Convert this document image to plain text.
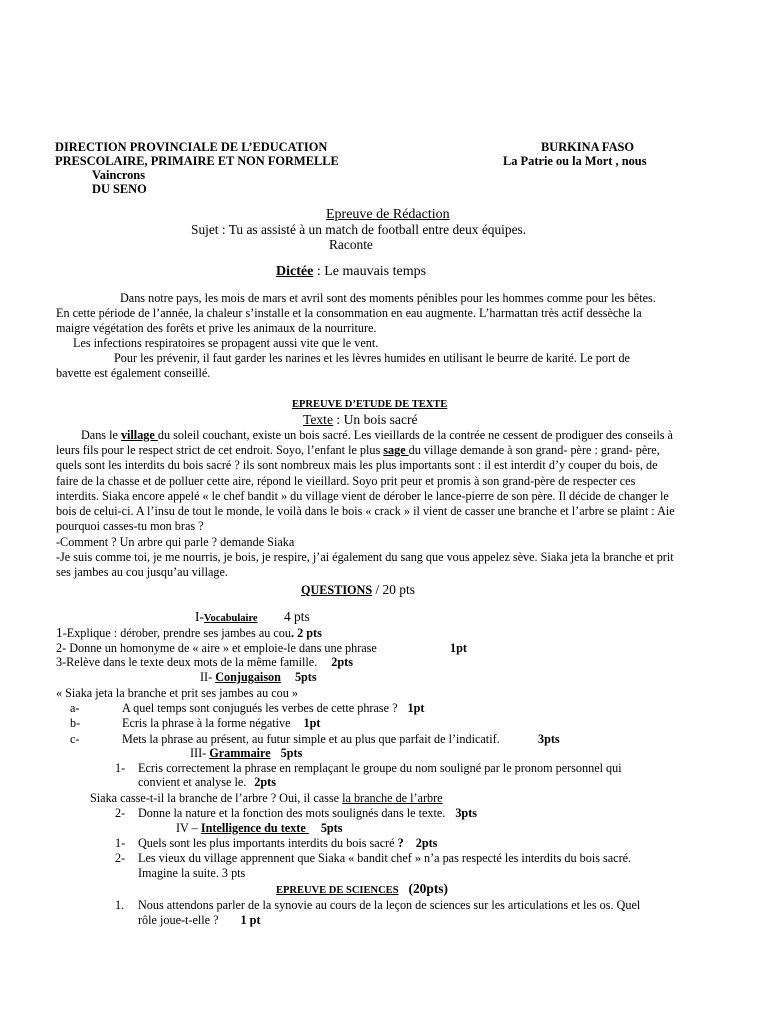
DIRECTION PROVINCIALE DE L’EDUCATION	BURKINA FASO
PRESCOLAIRE, PRIMAIRE ET NON FORMELLE	La Patrie ou la Mort , nous
Vaincrons
DU SENO
Epreuve de Rédaction
Sujet : Tu as assisté à un match de football entre deux équipes.
Raconte
Dictée : Le mauvais temps
Dans notre pays, les mois de mars et avril sont des moments pénibles pour les hommes comme pour les bêtes. En cette période de l’année, la chaleur s’installe et la consommation en eau augmente. L’harmattan très actif dessèche la maigre végétation des forêts et prive les animaux de la nourriture.
Les infections respiratoires se propagent aussi vite que le vent.
Pour les prévenir, il faut garder les narines et les lèvres humides en utilisant le beurre de karité. Le port de bavette est également conseillé.
EPREUVE D’ETUDE DE TEXTE
Texte : Un bois sacré
Dans le village du soleil couchant, existe un bois sacré. Les vieillards de la contrée ne cessent de prodiguer des conseils à leurs fils pour le respect strict de cet endroit. Soyo, l’enfant le plus sage du village demande à son grand- père : grand- père, quels sont les interdits du bois sacré ? ils sont nombreux mais les plus importants sont : il est interdit d’y couper du bois, de faire de la chasse et de polluer cette aire, répond le vieillard. Soyo prit peur et promis à son grand-père de respecter ces interdits. Siaka encore appelé « le chef bandit » du village vient de dérober le lance-pierre de son père. Il décide de changer le bois de celui-ci. A l’insu de tout le monde, le voilà dans le bois « crack » il vient de casser une branche et l’arbre se plaint : Aie pourquoi casses-tu mon bras ?
-Comment ? Un arbre qui parle ? demande Siaka
-Je suis comme toi, je me nourris, je bois, je respire, j’ai également du sang que vous appelez sève. Siaka jeta la branche et prit ses jambes au cou jusqu’au village.
QUESTIONS / 20 pts
I-Vocabulaire 4 pts
1-Explique : dérober, prendre ses jambes au cou. 2 pts
2- Donne un homonyme de « aire » et emploie-le dans une phrase	1pt
3-Relève dans le texte deux mots de la même famille. 2pts
II- Conjugaison 5pts
« Siaka jeta la branche et prit ses jambes au cou »
a-	A quel temps sont conjugués les verbes de cette phrase ? 1pt
b-	Ecris la phrase à la forme négative 1pt
c-	Mets la phrase au présent, au futur simple et au plus que parfait de l’indicatif.	3pts
III- Grammaire 5pts
1- Ecris correctement la phrase en remplaçant le groupe du nom souligné par le pronom personnel qui
convient et analyse le. 2pts
Siaka casse-t-il la branche de l’arbre ? Oui, il casse la branche de l’arbre
2- Donne la nature et la fonction des mots soulignés dans le texte. 3pts
IV – Intelligence du texte 5pts
1- Quels sont les plus importants interdits du bois sacré ? 2pts
2- Les vieux du village apprennent que Siaka « bandit chef » n’a pas respecté les interdits du bois sacré.
Imagine la suite. 3 pts
EPREUVE DE SCIENCES (20pts)
1. Nous attendons parler de la synovie au cours de la leçon de sciences sur les articulations et les os. Quel
rôle joue-t-elle ? 1 pt
